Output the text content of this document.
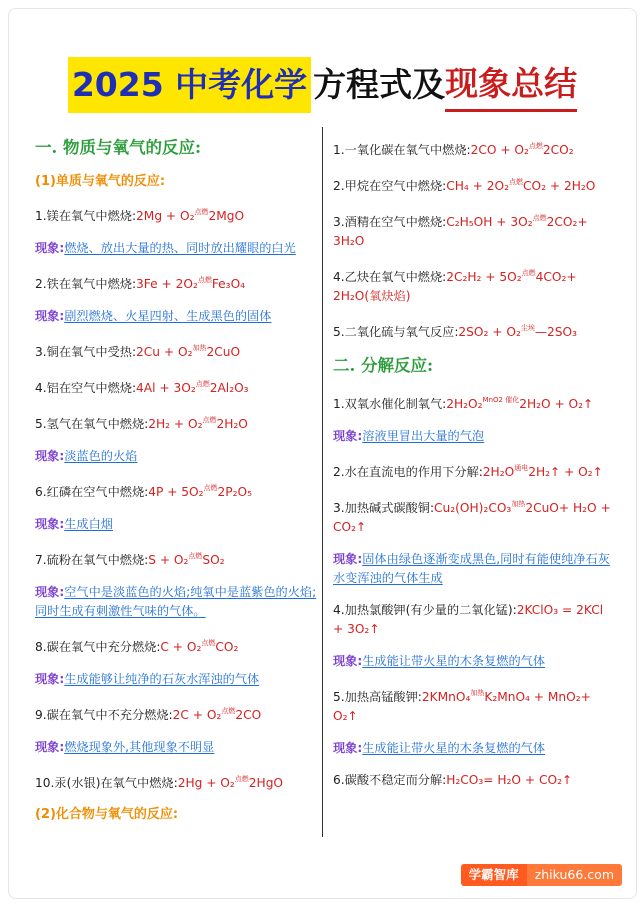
2025 中考化学 方程式及现象总结
一. 物质与氧气的反应:
(1)单质与氧气的反应:
1.镁在氧气中燃烧:2Mg + O₂$^{点燃}$2MgO
现象:燃烧、放出大量的热、同时放出耀眼的白光
2.铁在氧气中燃烧:3Fe + 2O₂$^{点燃}$Fe₃O₄
现象:剧烈燃烧、火星四射、生成黑色的固体
3.铜在氧气中受热:2Cu + O₂$^{加热}$2CuO
4.铝在空气中燃烧:4Al + 3O₂$^{点燃}$2Al₂O₃
5.氢气在氧气中燃烧:2H₂ + O₂$^{点燃}$2H₂O
现象:淡蓝色的火焰
6.红磷在空气中燃烧:4P + 5O₂$^{点燃}$2P₂O₅
现象:生成白烟
7.硫粉在氧气中燃烧:S + O₂$^{点燃}$SO₂
现象:空气中是淡蓝色的火焰;纯氧中是蓝紫色的火焰;同时生成有刺激性气味的气体。
8.碳在氧气中充分燃烧:C + O₂$^{点燃}$CO₂
现象:生成能够让纯净的石灰水浑浊的气体
9.碳在氧气中不充分燃烧:2C + O₂$^{点燃}$2CO
现象:燃烧现象外,其他现象不明显
10.汞(水银)在氧气中燃烧:2Hg + O₂$^{点燃}$2HgO
(2)化合物与氧气的反应:
1.一氧化碳在氧气中燃烧:2CO + O₂$^{点燃}$2CO₂
2.甲烷在空气中燃烧:CH₄ + 2O₂$^{点燃}$CO₂ + 2H₂O
3.酒精在空气中燃烧:C₂H₅OH + 3O₂$^{点燃}$2CO₂+ 3H₂O
4.乙炔在氧气中燃烧:2C₂H₂ + 5O₂$^{点燃}$4CO₂+ 2H₂O(氧炔焰)
5.二氧化硫与氧气反应:2SO₂ + O₂$^{尘埃}$—2SO₃
二. 分解反应:
1.双氧水催化制氧气:2H₂O₂$^{MnO2 催化}$2H₂O + O₂↑
现象:溶液里冒出大量的气泡
2.水在直流电的作用下分解$:2H_2O^{通电}2H_2↑$ + O₂↑
3.加热碱式碳酸铜:Cu₂(OH)₂CO₃$^{加热}$2CuO+ H₂O + CO₂↑
现象:固体由绿色逐渐变成黑色,同时有能使纯净石灰水变浑浊的气体生成
4.加热氯酸钾(有少量的二氧化锰):2KClO₃ = 2KCl + 3O₂↑
现象:生成能让带火星的木条复燃的气体
5.加热高锰酸钾:2KMnO₄$^{加热}$K₂MnO₄ + MnO₂+ O₂↑
现象:生成能让带火星的木条复燃的气体
6.碳酸不稳定而分解:H₂CO₃= H₂O + CO₂↑
学霸智库	zhiku66.com
